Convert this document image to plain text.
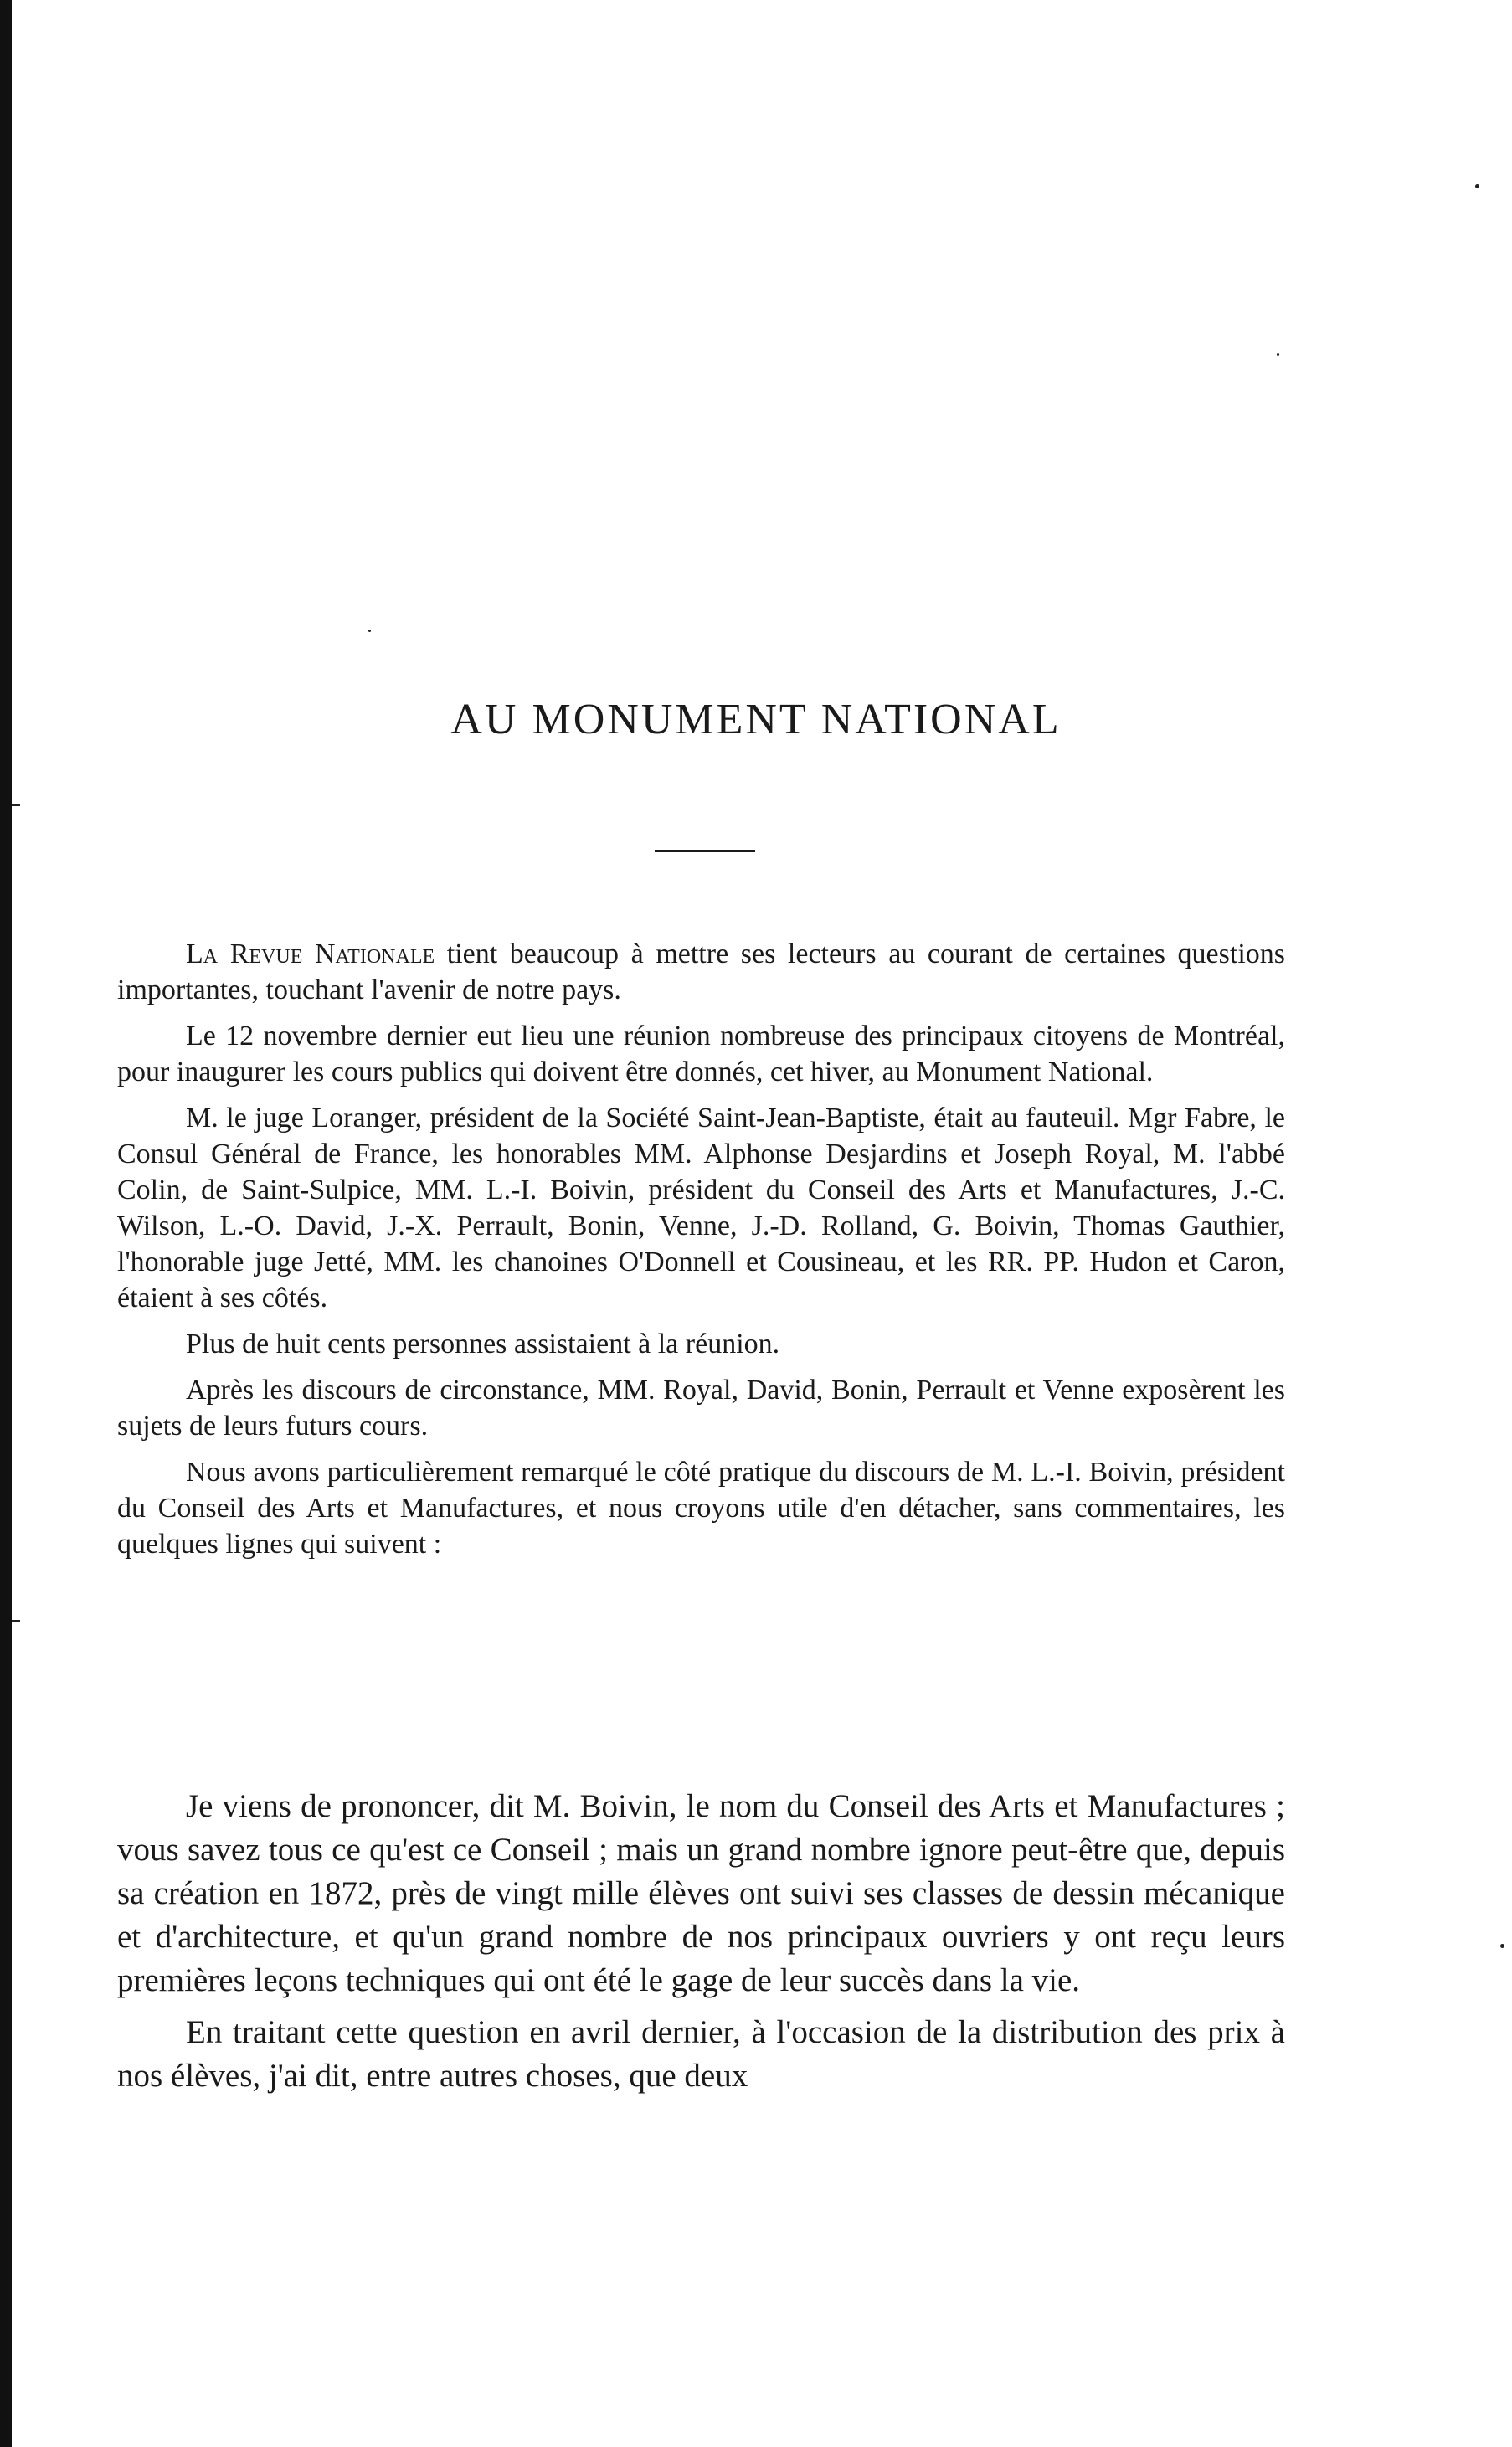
AU MONUMENT NATIONAL

La Revue Nationale tient beaucoup à mettre ses lecteurs au courant de certaines questions importantes, touchant l'avenir de notre pays.

Le 12 novembre dernier eut lieu une réunion nombreuse des principaux citoyens de Montréal, pour inaugurer les cours publics qui doivent être donnés, cet hiver, au Monument National.

M. le juge Loranger, président de la Société Saint-Jean-Baptiste, était au fauteuil. Mgr Fabre, le Consul Général de France, les honorables MM. Alphonse Desjardins et Joseph Royal, M. l'abbé Colin, de Saint-Sulpice, MM. L.-I. Boivin, président du Conseil des Arts et Manufactures, J.-C. Wilson, L.-O. David, J.-X. Perrault, Bonin, Venne, J.-D. Rolland, G. Boivin, Thomas Gauthier, l'honorable juge Jetté, MM. les chanoines O'Donnell et Cousineau, et les RR. PP. Hudon et Caron, étaient à ses côtés.

Plus de huit cents personnes assistaient à la réunion.

Après les discours de circonstance, MM. Royal, David, Bonin, Perrault et Venne exposèrent les sujets de leurs futurs cours.

Nous avons particulièrement remarqué le côté pratique du discours de M. L.-I. Boivin, président du Conseil des Arts et Manufactures, et nous croyons utile d'en détacher, sans commentaires, les quelques lignes qui suivent :

Je viens de prononcer, dit M. Boivin, le nom du Conseil des Arts et Manufactures ; vous savez tous ce qu'est ce Conseil ; mais un grand nombre ignore peut-être que, depuis sa création en 1872, près de vingt mille élèves ont suivi ses classes de dessin mécanique et d'architecture, et qu'un grand nombre de nos principaux ouvriers y ont reçu leurs premières leçons techniques qui ont été le gage de leur succès dans la vie.

En traitant cette question en avril dernier, à l'occasion de la distribution des prix à nos élèves, j'ai dit, entre autres choses, que deux
